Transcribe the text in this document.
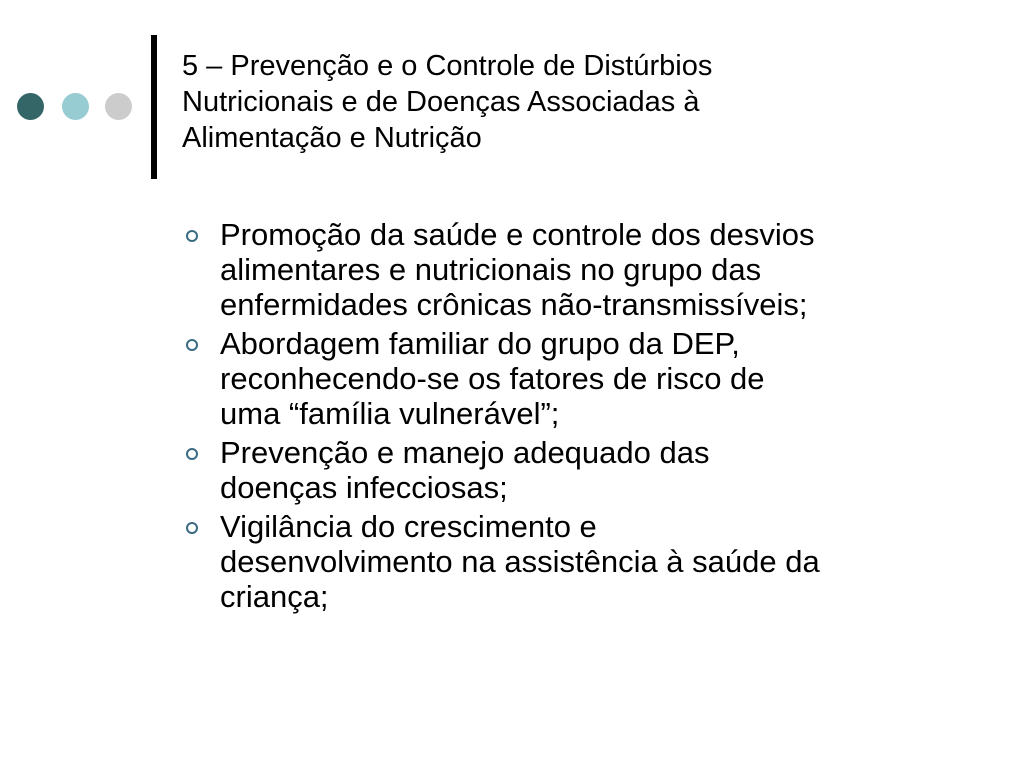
5 – Prevenção e o Controle de Distúrbios
Nutricionais e de Doenças Associadas à
Alimentação e Nutrição
Promoção da saúde e controle dos desvios
alimentares e nutricionais no grupo das
enfermidades crônicas não-transmissíveis;
Abordagem familiar do grupo da DEP,
reconhecendo-se os fatores de risco de
uma “família vulnerável”;
Prevenção e manejo adequado das
doenças infecciosas;
Vigilância do crescimento e
desenvolvimento na assistência à saúde da
criança;
